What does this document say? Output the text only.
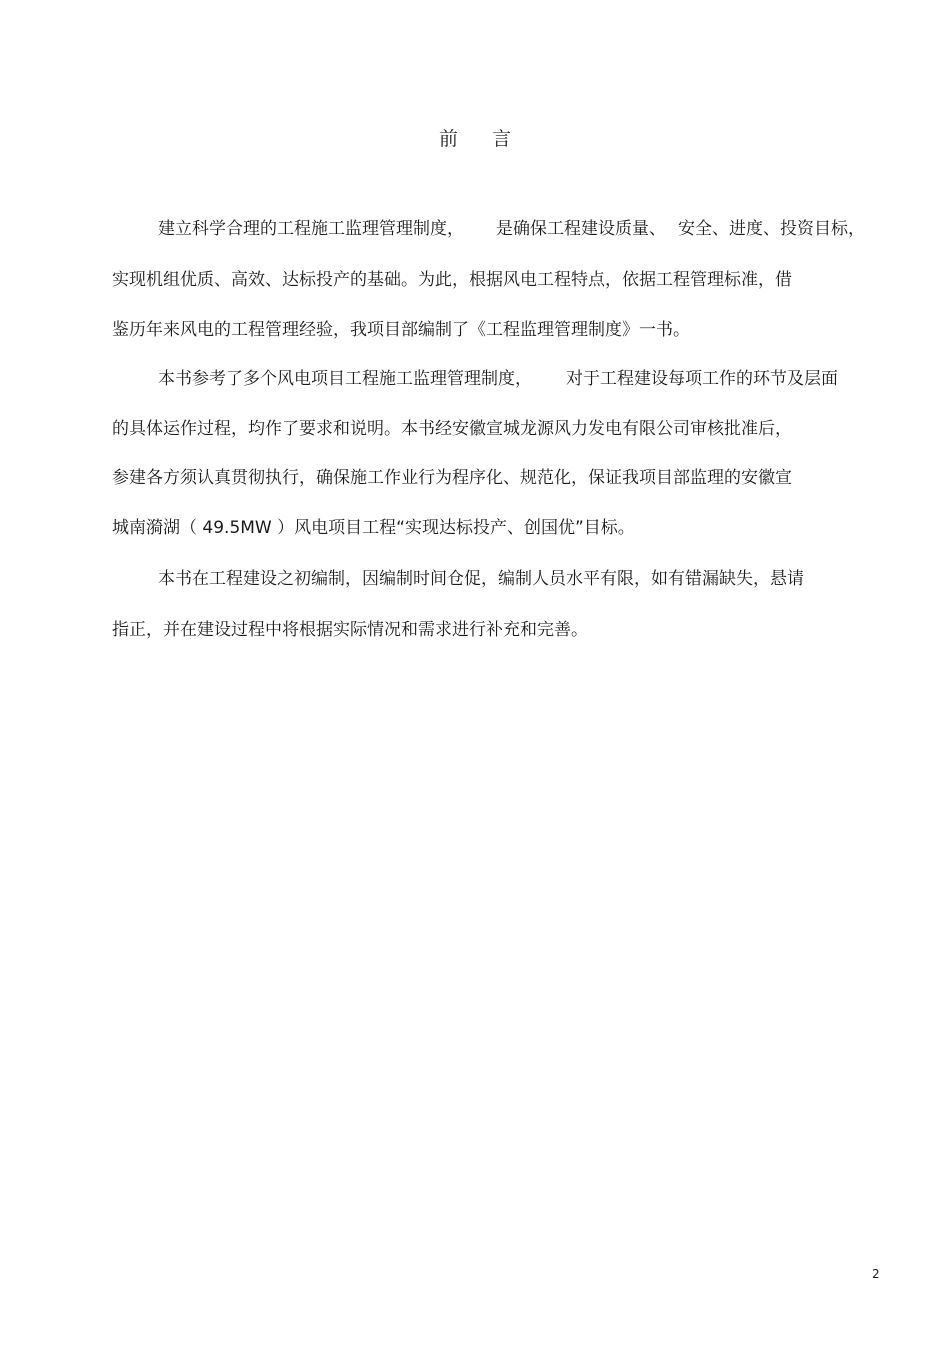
前 言
建立科学合理的工程施工监理管理制度， 是确保工程建设质量、 安全、进度、投资目标，
实现机组优质、高效、达标投产的基础。为此，根据风电工程特点，依据工程管理标准，借
鉴历年来风电的工程管理经验，我项目部编制了《工程监理管理制度》一书。
本书参考了多个风电项目工程施工监理管理制度， 对于工程建设每项工作的环节及层面
的具体运作过程，均作了要求和说明。本书经安徽宣城龙源风力发电有限公司审核批准后，
参建各方须认真贯彻执行，确保施工作业行为程序化、规范化，保证我项目部监理的安徽宣
城南漪湖（ 49.5MW ）风电项目工程“实现达标投产、创国优”目标。
本书在工程建设之初编制，因编制时间仓促，编制人员水平有限，如有错漏缺失，悬请
指正，并在建设过程中将根据实际情况和需求进行补充和完善。
2
